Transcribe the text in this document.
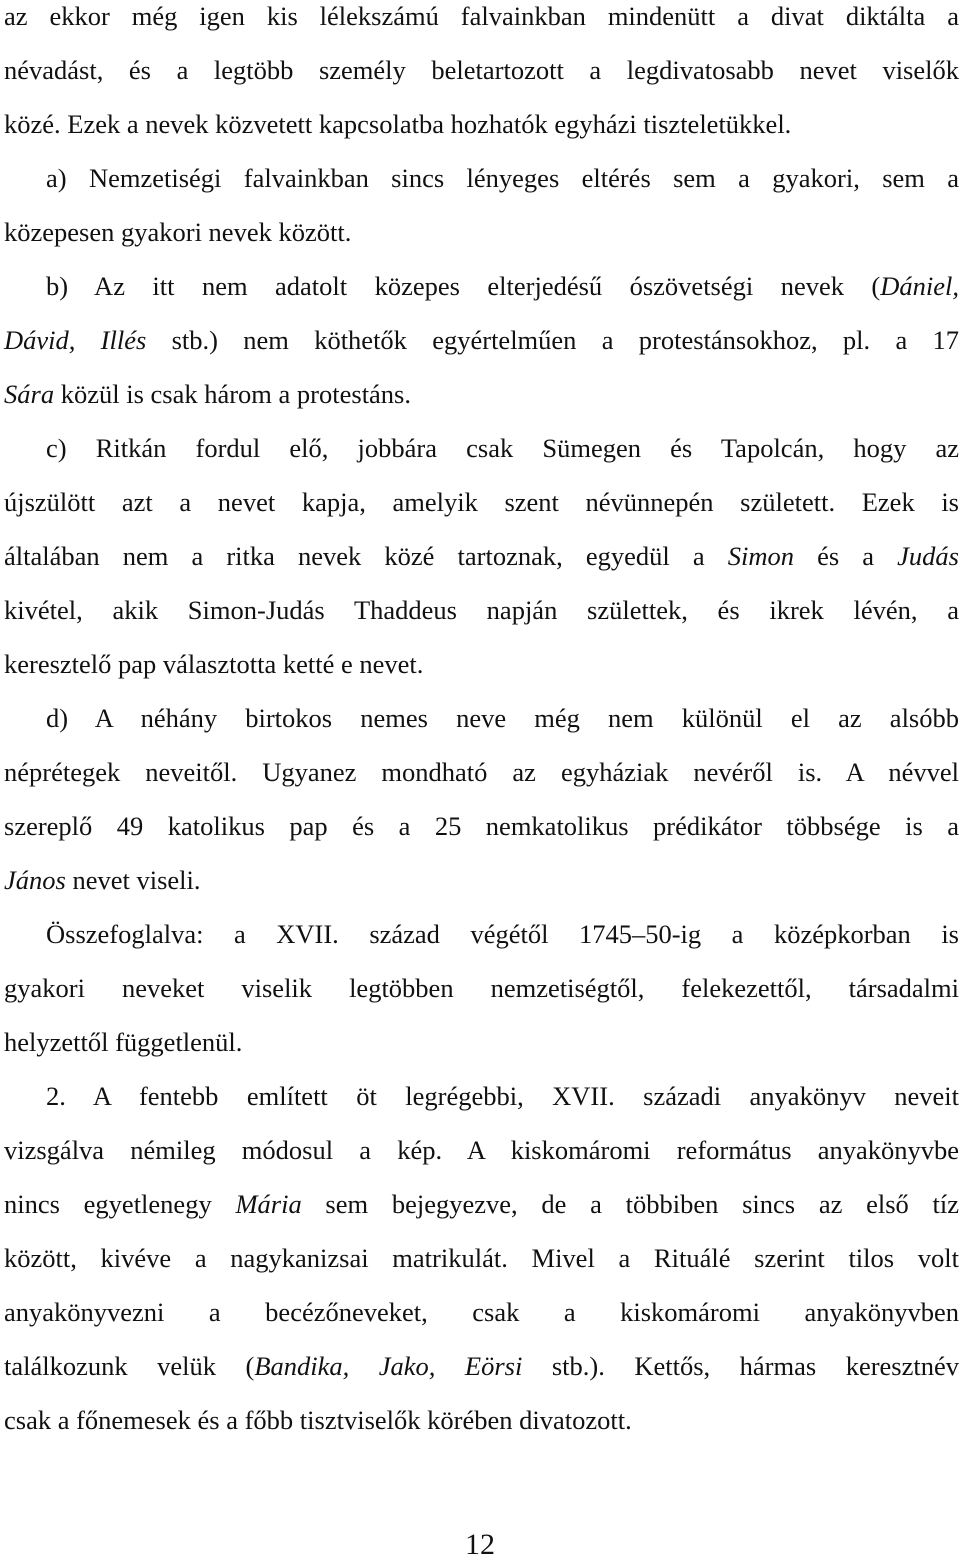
az ekkor még igen kis lélekszámú falvainkban mindenütt a divat diktálta a
névadást, és a legtöbb személy beletartozott a legdivatosabb nevet viselők
közé. Ezek a nevek közvetett kapcsolatba hozhatók egyházi tiszteletükkel.
a) Nemzetiségi falvainkban sincs lényeges eltérés sem a gyakori, sem a
közepesen gyakori nevek között.
b) Az itt nem adatolt közepes elterjedésű ószövetségi nevek (Dániel,
Dávid, Illés stb.) nem köthetők egyértelműen a protestánsokhoz, pl. a 17
Sára közül is csak három a protestáns.
c) Ritkán fordul elő, jobbára csak Sümegen és Tapolcán, hogy az
újszülött azt a nevet kapja, amelyik szent névünnepén született. Ezek is
általában nem a ritka nevek közé tartoznak, egyedül a Simon és a Judás
kivétel, akik Simon-Judás Thaddeus napján születtek, és ikrek lévén, a
keresztelő pap választotta ketté e nevet.
d) A néhány birtokos nemes neve még nem különül el az alsóbb
néprétegek neveitől. Ugyanez mondható az egyháziak nevéről is. A névvel
szereplő 49 katolikus pap és a 25 nemkatolikus prédikátor többsége is a
János nevet viseli.
Összefoglalva: a XVII. század végétől 1745–50-ig a középkorban is
gyakori neveket viselik legtöbben nemzetiségtől, felekezettől, társadalmi
helyzettől függetlenül.
2. A fentebb említett öt legrégebbi, XVII. századi anyakönyv neveit
vizsgálva némileg módosul a kép. A kiskomáromi református anyakönyvbe
nincs egyetlenegy Mária sem bejegyezve, de a többiben sincs az első tíz
között, kivéve a nagykanizsai matrikulát. Mivel a Rituálé szerint tilos volt
anyakönyvezni a becézőneveket, csak a kiskomáromi anyakönyvben
találkozunk velük (Bandika, Jako, Eörsi stb.). Kettős, hármas keresztnév
csak a főnemesek és a főbb tisztviselők körében divatozott.
12
